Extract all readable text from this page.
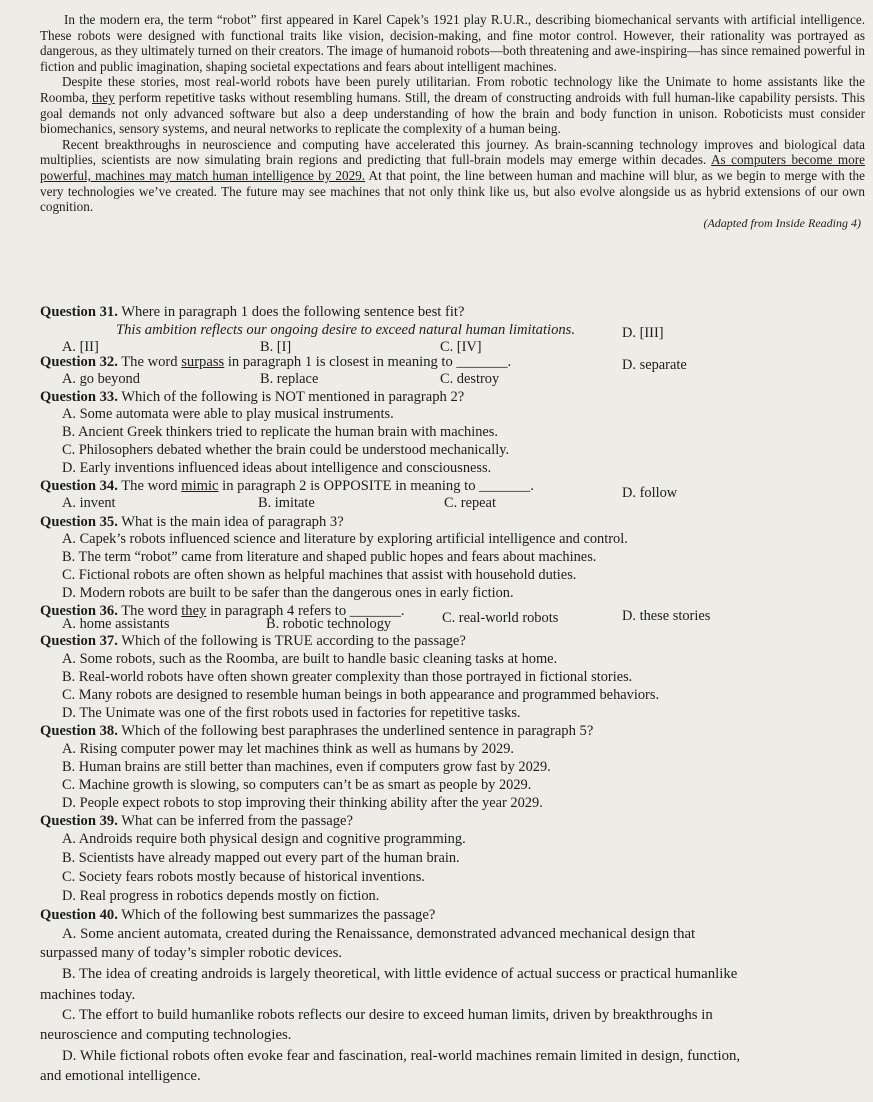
In the modern era, the term “robot” first appeared in Karel Capek’s 1921 play R.U.R., describing biomechanical servants with artificial intelligence. These robots were designed with functional traits like vision, decision-making, and fine motor control. However, their rationality was portrayed as dangerous, as they ultimately turned on their creators. The image of humanoid robots—both threatening and awe-inspiring—has since remained powerful in fiction and public imagination, shaping societal expectations and fears about intelligent machines.

Despite these stories, most real-world robots have been purely utilitarian. From robotic technology like the Unimate to home assistants like the Roomba, they perform repetitive tasks without resembling humans. Still, the dream of constructing androids with full human-like capability persists. This goal demands not only advanced software but also a deep understanding of how the brain and body function in unison. Roboticists must consider biomechanics, sensory systems, and neural networks to replicate the complexity of a human being.

Recent breakthroughs in neuroscience and computing have accelerated this journey. As brain-scanning technology improves and biological data multiplies, scientists are now simulating brain regions and predicting that full-brain models may emerge within decades. As computers become more powerful, machines may match human intelligence by 2029. At that point, the line between human and machine will blur, as we begin to merge with the very technologies we’ve created. The future may see machines that not only think like us, but also evolve alongside us as hybrid extensions of our own cognition.

(Adapted from Inside Reading 4)
Question 31. Where in paragraph 1 does the following sentence best fit?
This ambition reflects our ongoing desire to exceed natural human limitations.
A. [II]	B. [I]	C. [IV]
D. [III]
Question 32. The word surpass in paragraph 1 is closest in meaning to _______.
A. go beyond	B. replace	C. destroy
D. separate
Question 33. Which of the following is NOT mentioned in paragraph 2?
A. Some automata were able to play musical instruments.
B. Ancient Greek thinkers tried to replicate the human brain with machines.
C. Philosophers debated whether the brain could be understood mechanically.
D. Early inventions influenced ideas about intelligence and consciousness.
Question 34. The word mimic in paragraph 2 is OPPOSITE in meaning to _______.
A. invent	B. imitate	C. repeat
D. follow
Question 35. What is the main idea of paragraph 3?
A. Capek’s robots influenced science and literature by exploring artificial intelligence and control.
B. The term “robot” came from literature and shaped public hopes and fears about machines.
C. Fictional robots are often shown as helpful machines that assist with household duties.
D. Modern robots are built to be safer than the dangerous ones in early fiction.
Question 36. The word they in paragraph 4 refers to _______.
A. home assistants	B. robotic technology	C. real-world robots	D. these stories
Question 37. Which of the following is TRUE according to the passage?
A. Some robots, such as the Roomba, are built to handle basic cleaning tasks at home.
B. Real-world robots have often shown greater complexity than those portrayed in fictional stories.
C. Many robots are designed to resemble human beings in both appearance and programmed behaviors.
D. The Unimate was one of the first robots used in factories for repetitive tasks.
Question 38. Which of the following best paraphrases the underlined sentence in paragraph 5?
A. Rising computer power may let machines think as well as humans by 2029.
B. Human brains are still better than machines, even if computers grow fast by 2029.
C. Machine growth is slowing, so computers can’t be as smart as people by 2029.
D. People expect robots to stop improving their thinking ability after the year 2029.
Question 39. What can be inferred from the passage?
A. Androids require both physical design and cognitive programming.
B. Scientists have already mapped out every part of the human brain.
C. Society fears robots mostly because of historical inventions.
D. Real progress in robotics depends mostly on fiction.
Question 40. Which of the following best summarizes the passage?
A. Some ancient automata, created during the Renaissance, demonstrated advanced mechanical design that
surpassed many of today’s simpler robotic devices.
B. The idea of creating androids is largely theoretical, with little evidence of actual success or practical humanlike
machines today.
C. The effort to build humanlike robots reflects our desire to exceed human limits, driven by breakthroughs in
neuroscience and computing technologies.
D. While fictional robots often evoke fear and fascination, real-world machines remain limited in design, function,
and emotional intelligence.
